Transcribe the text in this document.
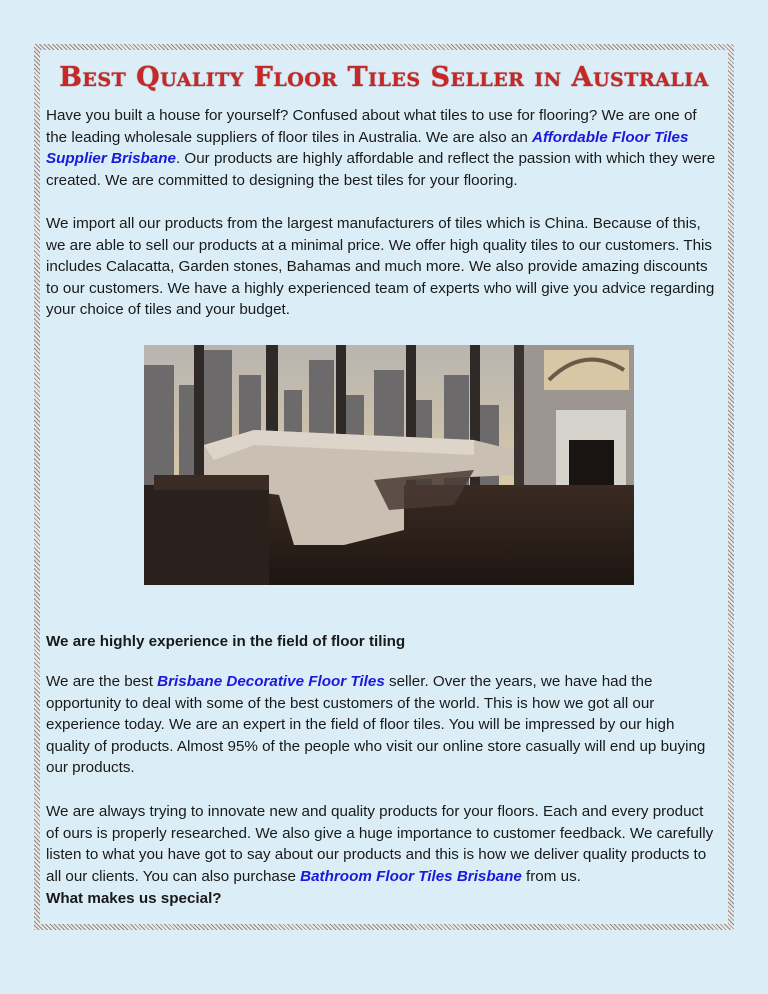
Best Quality Floor Tiles Seller in Australia
Have you built a house for yourself? Confused about what tiles to use for flooring? We are one of the leading wholesale suppliers of floor tiles in Australia. We are also an Affordable Floor Tiles Supplier Brisbane. Our products are highly affordable and reflect the passion with which they were created. We are committed to designing the best tiles for your flooring.
We import all our products from the largest manufacturers of tiles which is China. Because of this, we are able to sell our products at a minimal price. We offer high quality tiles to our customers. This includes Calacatta, Garden stones, Bahamas and much more. We also provide amazing discounts to our customers. We have a highly experienced team of experts who will give you advice regarding your choice of tiles and your budget.
We are highly experience in the field of floor tiling
We are the best Brisbane Decorative Floor Tiles seller. Over the years, we have had the opportunity to deal with some of the best customers of the world. This is how we got all our experience today. We are an expert in the field of floor tiles. You will be impressed by our high quality of products. Almost 95% of the people who visit our online store casually will end up buying our products.
We are always trying to innovate new and quality products for your floors. Each and every product of ours is properly researched. We also give a huge importance to customer feedback. We carefully listen to what you have got to say about our products and this is how we deliver quality products to all our clients. You can also purchase Bathroom Floor Tiles Brisbane from us.
What makes us special?
